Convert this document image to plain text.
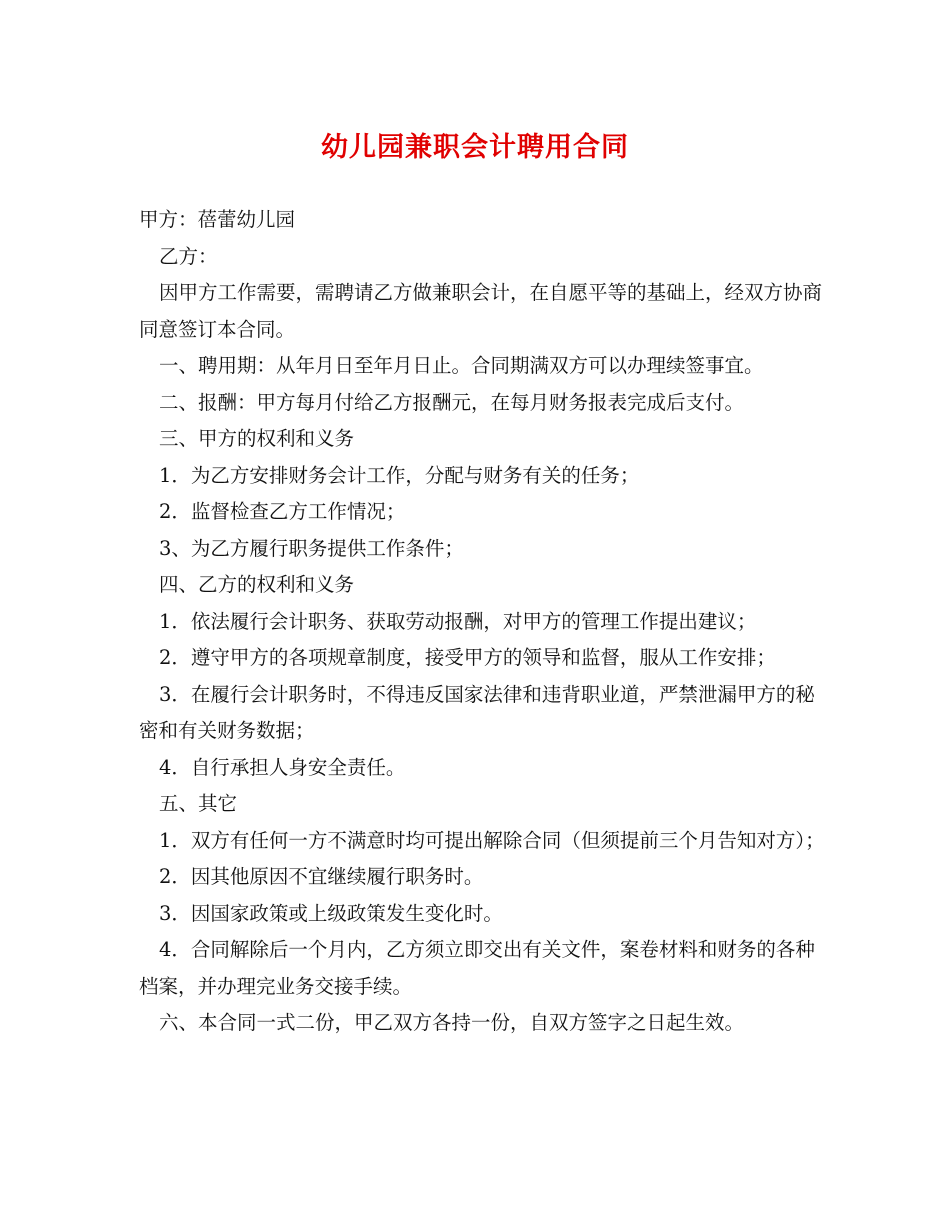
幼儿园兼职会计聘用合同

甲方：蓓蕾幼儿园

乙方：

因甲方工作需要，需聘请乙方做兼职会计，在自愿平等的基础上，经双方协商同意签订本合同。

一、聘用期：从年月日至年月日止。合同期满双方可以办理续签事宜。

二、报酬：甲方每月付给乙方报酬元，在每月财务报表完成后支付。

三、甲方的权利和义务

1．为乙方安排财务会计工作，分配与财务有关的任务；

2．监督检查乙方工作情况；

3、为乙方履行职务提供工作条件；

四、乙方的权利和义务

1．依法履行会计职务、获取劳动报酬，对甲方的管理工作提出建议；

2．遵守甲方的各项规章制度，接受甲方的领导和监督，服从工作安排；

3．在履行会计职务时，不得违反国家法律和违背职业道，严禁泄漏甲方的秘密和有关财务数据；

4．自行承担人身安全责任。

五、其它

1．双方有任何一方不满意时均可提出解除合同（但须提前三个月告知对方）；

2．因其他原因不宜继续履行职务时。

3．因国家政策或上级政策发生变化时。

4．合同解除后一个月内，乙方须立即交出有关文件，案卷材料和财务的各种档案，并办理完业务交接手续。

六、本合同一式二份，甲乙双方各持一份，自双方签字之日起生效。
